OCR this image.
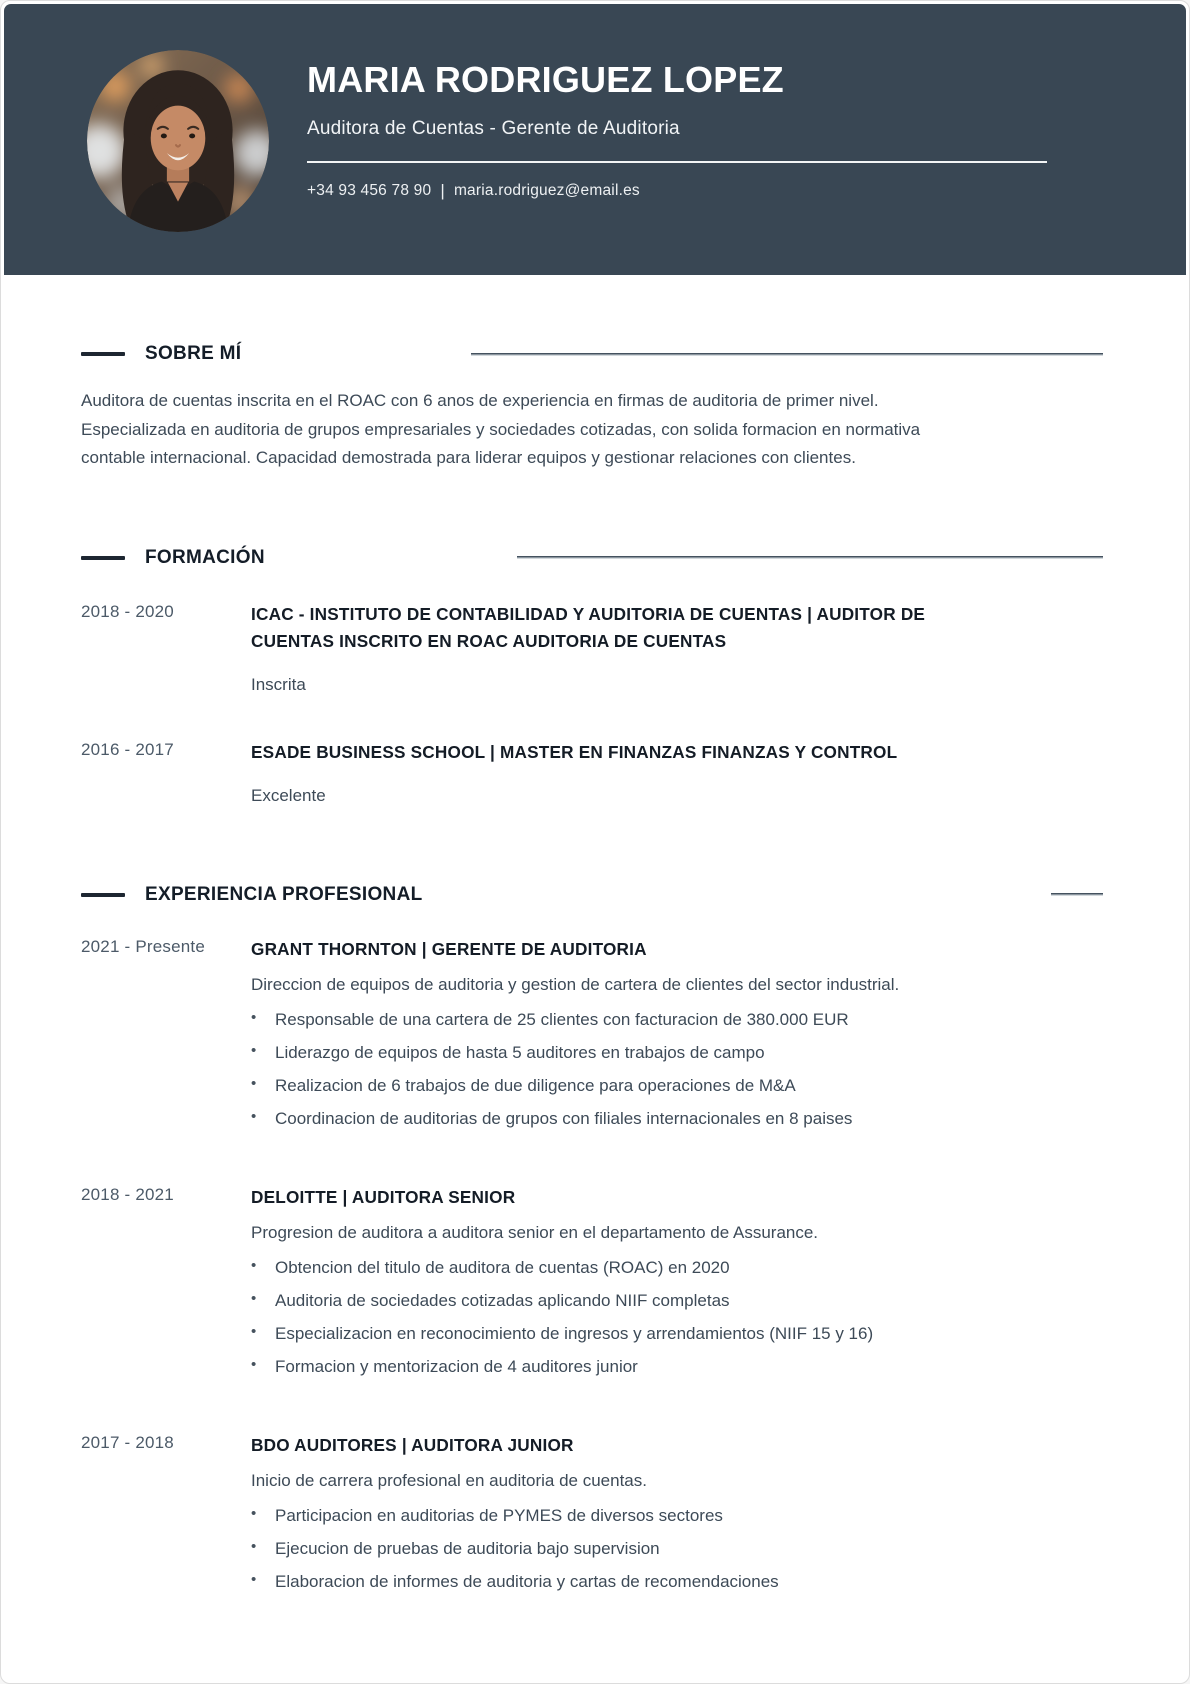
MARIA RODRIGUEZ LOPEZ
Auditora de Cuentas - Gerente de Auditoria
+34 93 456 78 90 | maria.rodriguez@email.es
SOBRE MÍ

Auditora de cuentas inscrita en el ROAC con 6 anos de experiencia en firmas de auditoria de primer nivel. Especializada en auditoria de grupos empresariales y sociedades cotizadas, con solida formacion en normativa contable internacional. Capacidad demostrada para liderar equipos y gestionar relaciones con clientes.

FORMACIÓN
2018 - 2020	ICAC - INSTITUTO DE CONTABILIDAD Y AUDITORIA DE CUENTAS | AUDITOR DE CUENTAS INSCRITO EN ROAC AUDITORIA DE CUENTAS
Inscrita
2016 - 2017	ESADE BUSINESS SCHOOL | MASTER EN FINANZAS FINANZAS Y CONTROL
Excelente
EXPERIENCIA PROFESIONAL
2021 - Presente	GRANT THORNTON | GERENTE DE AUDITORIA
Direccion de equipos de auditoria y gestion de cartera de clientes del sector industrial.
• Responsable de una cartera de 25 clientes con facturacion de 380.000 EUR
• Liderazgo de equipos de hasta 5 auditores en trabajos de campo
• Realizacion de 6 trabajos de due diligence para operaciones de M&A
• Coordinacion de auditorias de grupos con filiales internacionales en 8 paises
2018 - 2021	DELOITTE | AUDITORA SENIOR
Progresion de auditora a auditora senior en el departamento de Assurance.
• Obtencion del titulo de auditora de cuentas (ROAC) en 2020
• Auditoria de sociedades cotizadas aplicando NIIF completas
• Especializacion en reconocimiento de ingresos y arrendamientos (NIIF 15 y 16)
• Formacion y mentorizacion de 4 auditores junior
2017 - 2018	BDO AUDITORES | AUDITORA JUNIOR
Inicio de carrera profesional en auditoria de cuentas.
• Participacion en auditorias de PYMES de diversos sectores
• Ejecucion de pruebas de auditoria bajo supervision
• Elaboracion de informes de auditoria y cartas de recomendaciones
